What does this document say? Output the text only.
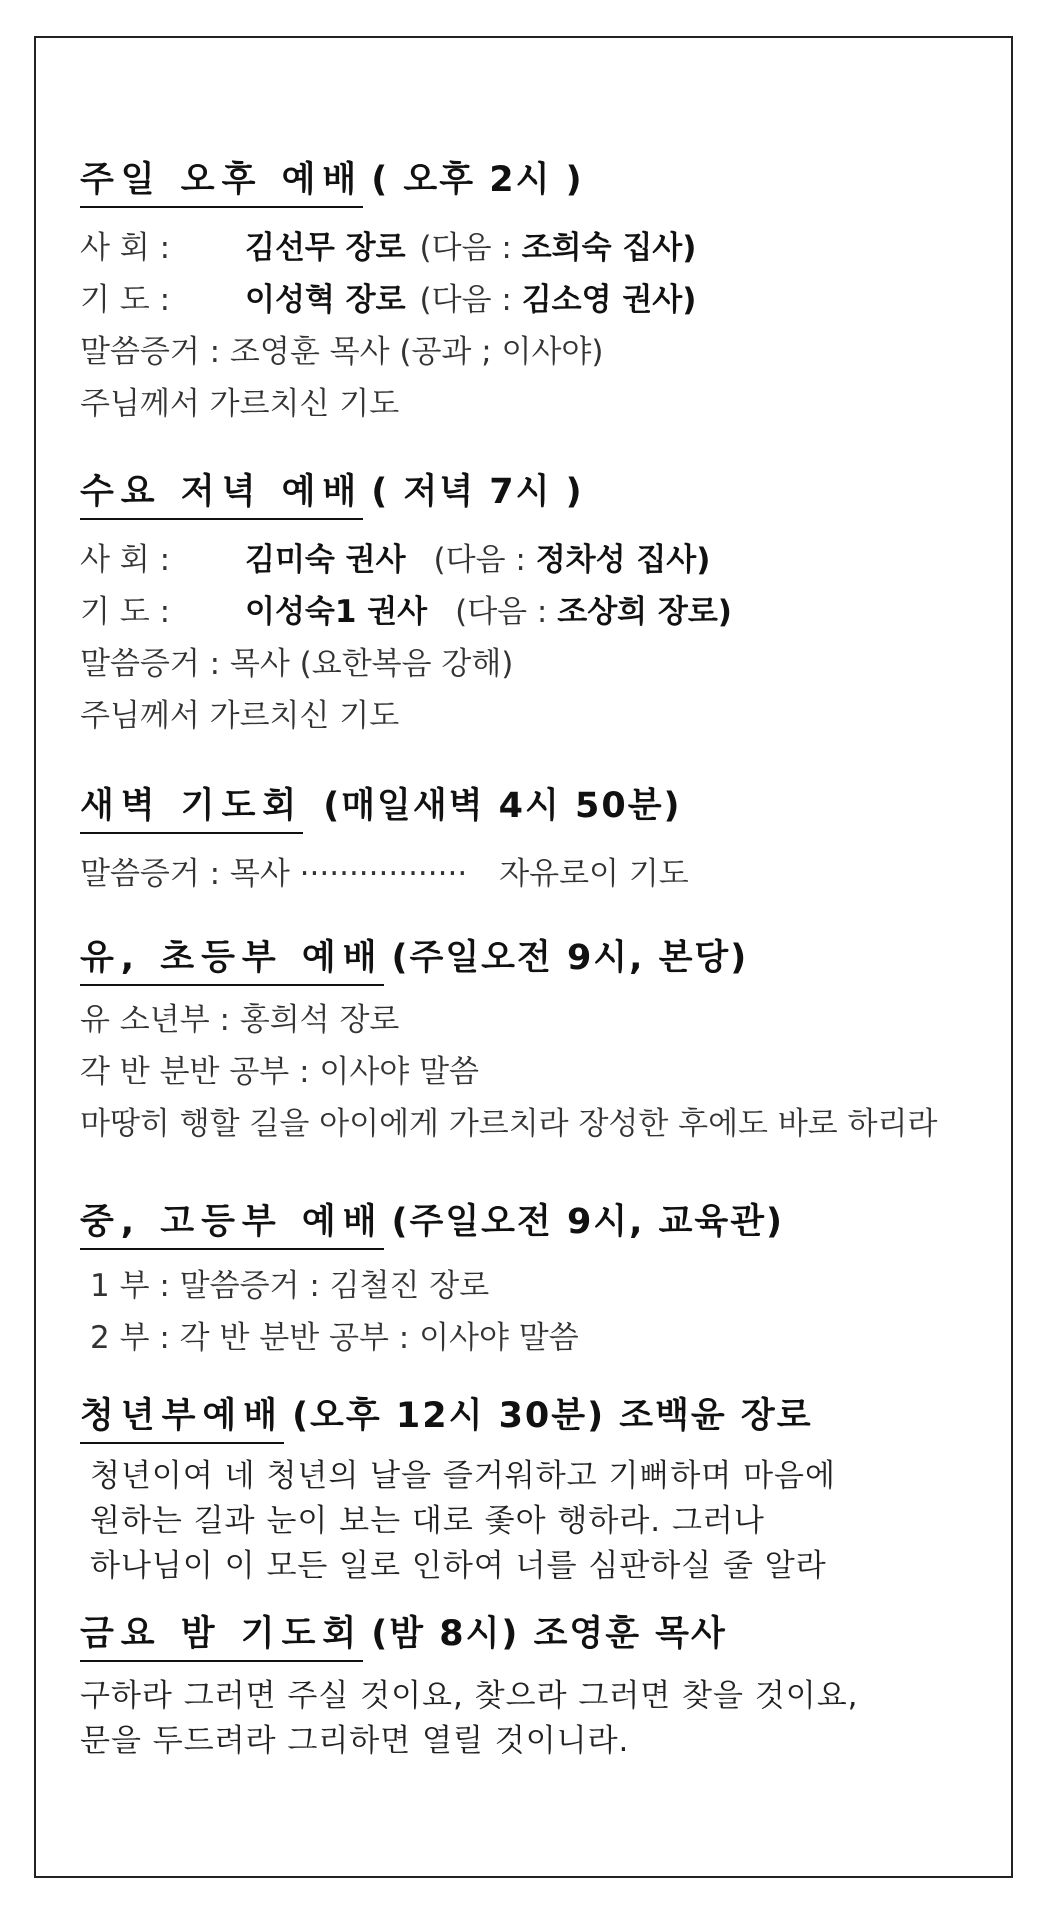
주일 오후 예배 ( 오후 2시 )
사 회 : 김선무 장로 (다음 : 조희숙 집사)
기 도 : 이성혁 장로 (다음 : 김소영 권사)
말씀증거 : 조영훈 목사 (공과 ; 이사야)
주님께서 가르치신 기도
수요 저녁 예배 ( 저녁 7시 )
사 회 : 김미숙 권사 (다음 : 정차성 집사)
기 도 : 이성숙1 권사 (다음 : 조상희 장로)
말씀증거 : 목사 (요한복음 강해)
주님께서 가르치신 기도
새벽 기도회 (매일새벽 4시 50분)
말씀증거 : 목사 ················· 자유로이 기도
유, 초등부 예배 (주일오전 9시, 본당)
유 소년부 : 홍희석 장로
각 반 분반 공부 : 이사야 말씀
마땅히 행할 길을 아이에게 가르치라 장성한 후에도 바로 하리라
중, 고등부 예배 (주일오전 9시, 교육관)
1 부 : 말씀증거 : 김철진 장로
2 부 : 각 반 분반 공부 : 이사야 말씀
청년부예배 (오후 12시 30분) 조백윤 장로
청년이여 네 청년의 날을 즐거워하고 기뻐하며 마음에
원하는 길과 눈이 보는 대로 좇아 행하라. 그러나
하나님이 이 모든 일로 인하여 너를 심판하실 줄 알라
금요 밤 기도회 (밤 8시) 조영훈 목사
구하라 그러면 주실 것이요, 찾으라 그러면 찾을 것이요,
문을 두드려라 그리하면 열릴 것이니라.
